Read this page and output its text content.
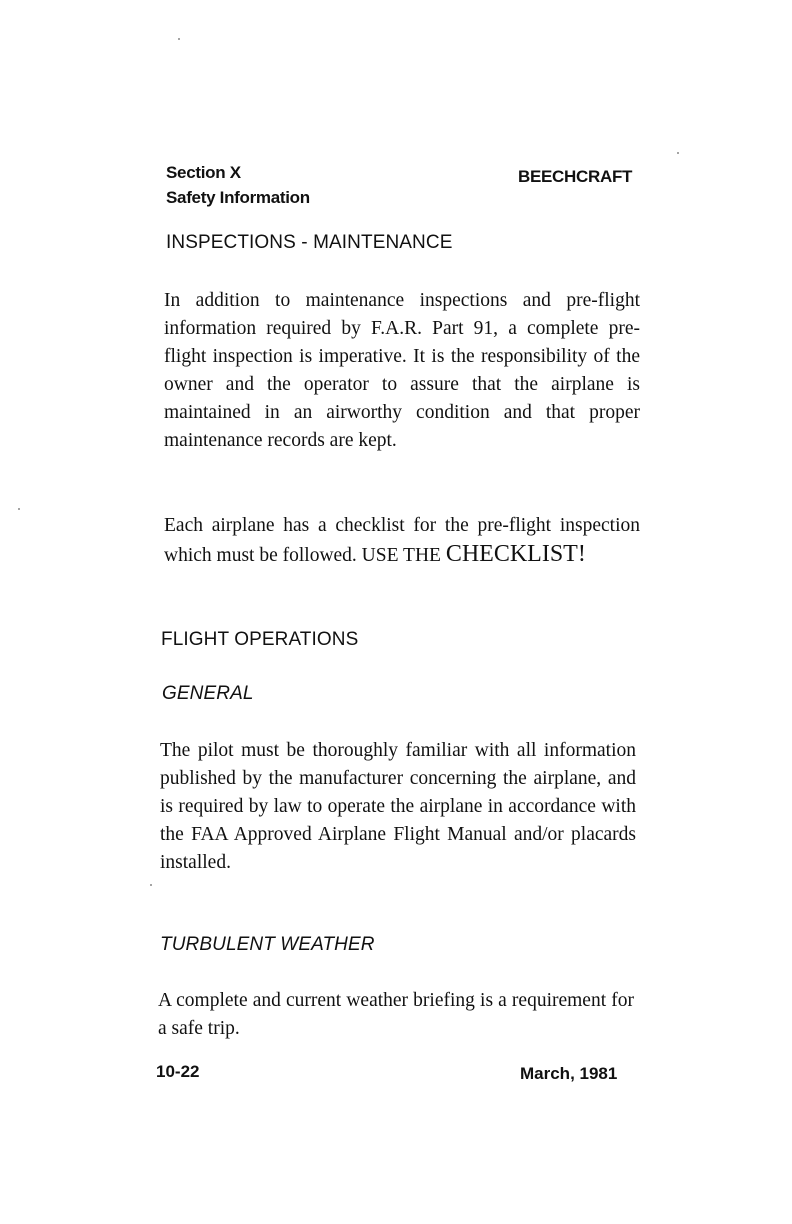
Section X
Safety Information
BEECHCRAFT
INSPECTIONS - MAINTENANCE

In addition to maintenance inspections and pre-flight information required by F.A.R. Part 91, a complete pre-flight inspection is imperative. It is the responsibility of the owner and the operator to assure that the airplane is maintained in an airworthy condition and that proper maintenance records are kept.

Each airplane has a checklist for the pre-flight inspection which must be followed. USE THE CHECKLIST!

FLIGHT OPERATIONS
GENERAL

The pilot must be thoroughly familiar with all information published by the manufacturer concerning the airplane, and is required by law to operate the airplane in accordance with the FAA Approved Airplane Flight Manual and/or placards installed.

TURBULENT WEATHER

A complete and current weather briefing is a requirement for a safe trip.

10-22	March, 1981
